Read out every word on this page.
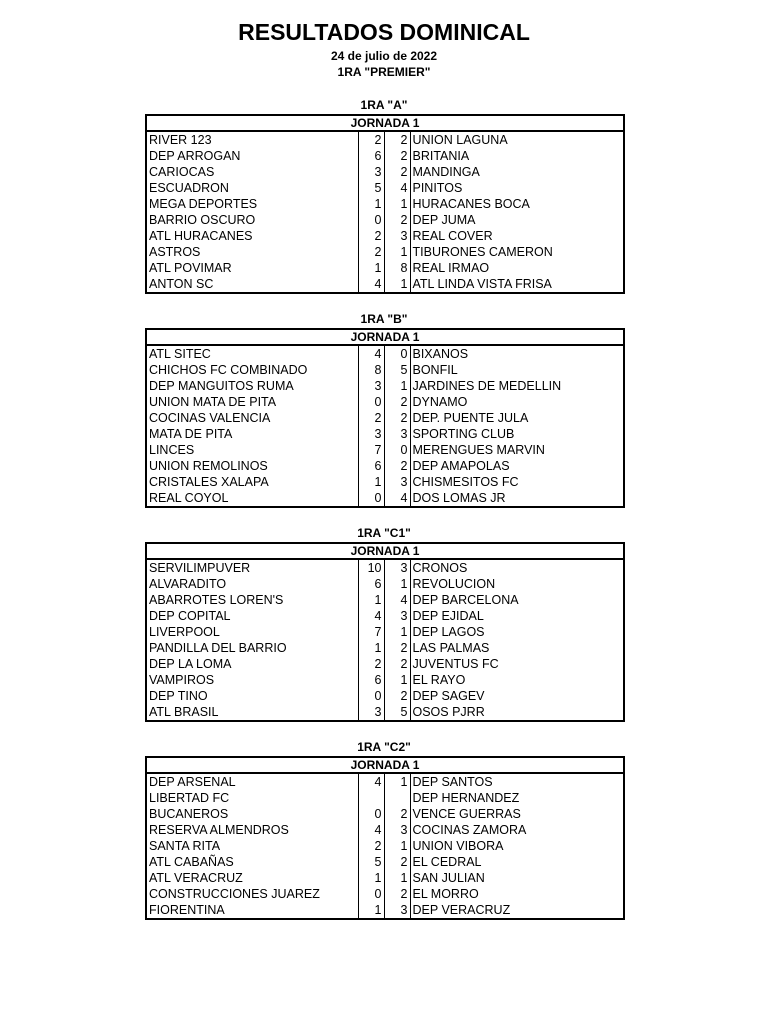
RESULTADOS DOMINICAL
24 de julio de 2022
1RA "PREMIER"
1RA "A"
JORNADA 1			
RIVER 123	2	2	UNION LAGUNA
DEP ARROGAN	6	2	BRITANIA
CARIOCAS	3	2	MANDINGA
ESCUADRON	5	4	PINITOS
MEGA DEPORTES	1	1	HURACANES BOCA
BARRIO OSCURO	0	2	DEP JUMA
ATL HURACANES	2	3	REAL COVER
ASTROS	2	1	TIBURONES CAMERON
ATL POVIMAR	1	8	REAL IRMAO
ANTON SC	4	1	ATL LINDA VISTA FRISA
1RA "B"
JORNADA 1			
ATL SITEC	4	0	BIXANOS
CHICHOS FC COMBINADO	8	5	BONFIL
DEP MANGUITOS RUMA	3	1	JARDINES DE MEDELLIN
UNION MATA DE PITA	0	2	DYNAMO
COCINAS VALENCIA	2	2	DEP. PUENTE JULA
MATA DE PITA	3	3	SPORTING CLUB
LINCES	7	0	MERENGUES MARVIN
UNION REMOLINOS	6	2	DEP AMAPOLAS
CRISTALES XALAPA	1	3	CHISMESITOS FC
REAL COYOL	0	4	DOS LOMAS JR
1RA "C1"
JORNADA 1			
SERVILIMPUVER	10	3	CRONOS
ALVARADITO	6	1	REVOLUCION
ABARROTES LOREN'S	1	4	DEP BARCELONA
DEP COPITAL	4	3	DEP EJIDAL
LIVERPOOL	7	1	DEP LAGOS
PANDILLA DEL BARRIO	1	2	LAS PALMAS
DEP LA LOMA	2	2	JUVENTUS FC
VAMPIROS	6	1	EL RAYO
DEP TINO	0	2	DEP SAGEV
ATL BRASIL	3	5	OSOS PJRR
1RA "C2"
JORNADA 1			
DEP ARSENAL	4	1	DEP SANTOS
LIBERTAD FC			DEP HERNANDEZ
BUCANEROS	0	2	VENCE GUERRAS
RESERVA ALMENDROS	4	3	COCINAS ZAMORA
SANTA RITA	2	1	UNION VIBORA
ATL CABAÑAS	5	2	EL CEDRAL
ATL VERACRUZ	1	1	SAN JULIAN
CONSTRUCCIONES JUAREZ	0	2	EL MORRO
FIORENTINA	1	3	DEP VERACRUZ
